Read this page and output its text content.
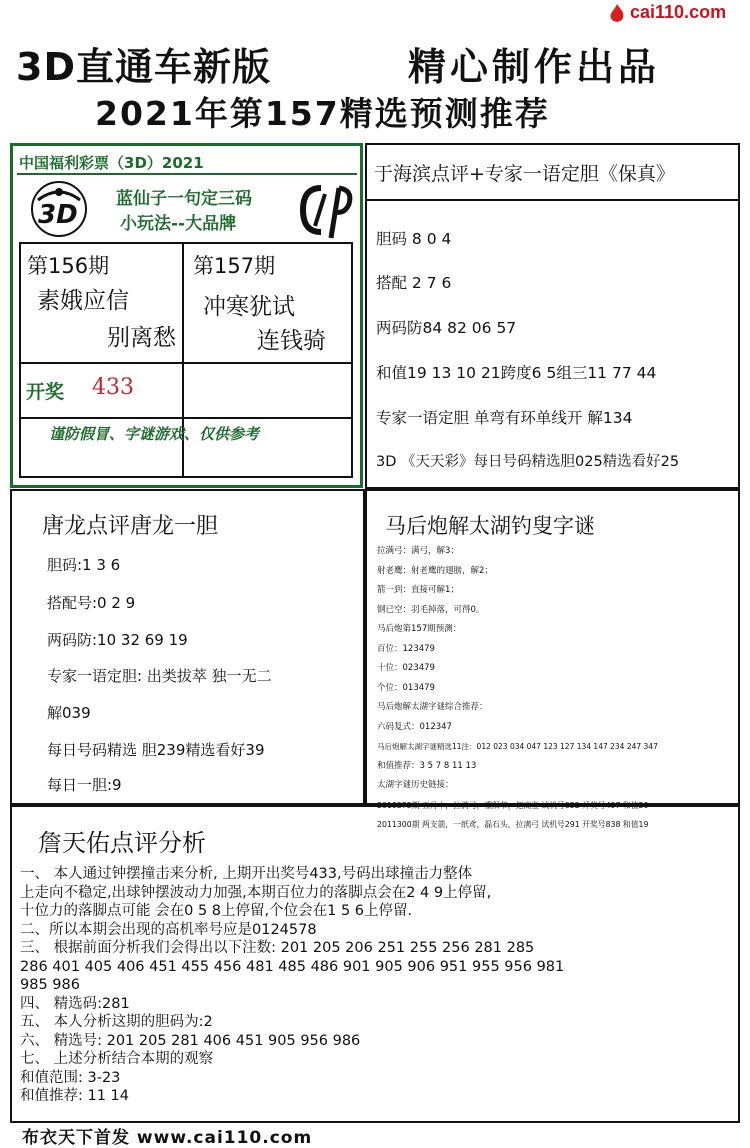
cai110.com
3D直通车新版	精心制作出品
2021年第157精选预测推荐
中国福利彩票（3D）2021
3D
蓝仙子一句定三码
小玩法--大品牌
第156期
素娥应信
别离愁
第157期
冲寒犹试
连钱骑
开奖 433
谨防假冒、字谜游戏、仅供参考
于海滨点评+专家一语定胆《保真》
胆码 8 0 4
搭配 2 7 6
两码防84 82 06 57
和值19 13 10 21跨度6 5组三11 77 44
专家一语定胆 单弯有环单线开 解134
3D 《天天彩》每日号码精选胆025精选看好25
唐龙点评唐龙一胆
胆码:1 3 6
搭配号:0 2 9
两码防:10 32 69 19
专家一语定胆: 出类拔萃 独一无二
解039
每日号码精选 胆239精选看好39
每日一胆:9
马后炮解太湖钓叟字谜
拉满弓：满弓，解3；
射老鹰：射老鹰的翅膀，解2；
箭一到：直接可解1；
钢已空：羽毛掉落，可得0。
马后炮第157期预测：
百位：123479
十位：023479
个位：013479
马后炮解太湖字谜综合推荐：
六码复式：012347
马后炮解太湖字谜精选11注：012 023 034 047 123 127 134 147 234 247 347
和值推荐：3 5 7 8 11 13
太湖字谜历史链接：
2019275期 五月中，拉满弓，重阳节，把高登 试机号052 开奖号497 和值20
2011300期 两支箭，一纸鸢，磊石头，拉满弓 试机号291 开奖号838 和值19
詹天佑点评分析
一、 本人通过钟摆撞击来分析, 上期开出奖号433,号码出球撞击力整体
上走向不稳定,出球钟摆波动力加强,本期百位力的落脚点会在2 4 9上停留,
十位力的落脚点可能 会在0 5 8上停留,个位会在1 5 6上停留.
二、所以本期会出现的高机率号应是0124578
三、 根据前面分析我们会得出以下注数: 201 205 206 251 255 256 281 285
286 401 405 406 451 455 456 481 485 486 901 905 906 951 955 956 981
985 986
四、 精选码:281
五、 本人分析这期的胆码为:2
六、 精选号: 201 205 281 406 451 905 956 986
七、 上述分析结合本期的观察
和值范围: 3-23
和值推荐: 11 14
布衣天下首发 www.cai110.com
